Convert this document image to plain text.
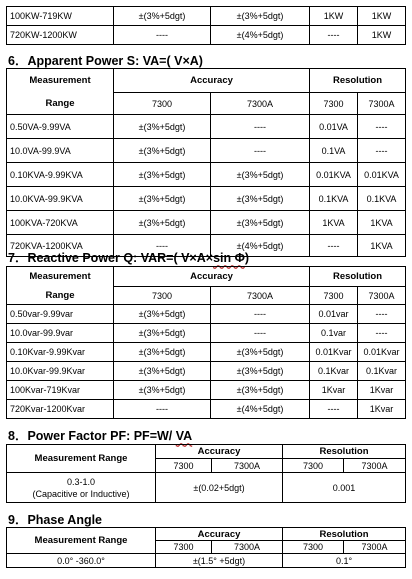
100KW-719KW	±(3%+5dgt)	±(3%+5dgt)	1KW	1KW
720KW-1200KW	----	±(4%+5dgt)	----	1KW
6．Apparent Power S: VA=( V×A)
Measurement	Accuracy		Resolution	
Range	7300	7300A	7300	7300A
0.50VA-9.99VA	±(3%+5dgt)	----	0.01VA	----
10.0VA-99.9VA	±(3%+5dgt)	----	0.1VA	----
0.10KVA-9.99KVA	±(3%+5dgt)	±(3%+5dgt)	0.01KVA	0.01KVA
10.0KVA-99.9KVA	±(3%+5dgt)	±(3%+5dgt)	0.1KVA	0.1KVA
100KVA-720KVA	±(3%+5dgt)	±(3%+5dgt)	1KVA	1KVA
720KVA-1200KVA	----	±(4%+5dgt)	----	1KVA
7．Reactive Power Q: VAR=( V×A×sin Φ)
Measurement	Accuracy		Resolution	
Range	7300	7300A	7300	7300A
0.50var-9.99var	±(3%+5dgt)	----	0.01var	----
10.0var-99.9var	±(3%+5dgt)	----	0.1var	----
0.10Kvar-9.99Kvar	±(3%+5dgt)	±(3%+5dgt)	0.01Kvar	0.01Kvar
10.0Kvar-99.9Kvar	±(3%+5dgt)	±(3%+5dgt)	0.1Kvar	0.1Kvar
100Kvar-719Kvar	±(3%+5dgt)	±(3%+5dgt)	1Kvar	1Kvar
720Kvar-1200Kvar	----	±(4%+5dgt)	----	1Kvar
8．Power Factor PF: PF=W/ VA
Measurement Range	Accuracy		Resolution	
	7300	7300A	7300	7300A

0.3-1.0
(Capacitive or Inductive)	±(0.02+5dgt)		0.001	
9．Phase Angle
Measurement Range	Accuracy		Resolution	
	7300	7300A	7300	7300A
0.0° -360.0°	±(1.5° +5dgt)		0.1°	
